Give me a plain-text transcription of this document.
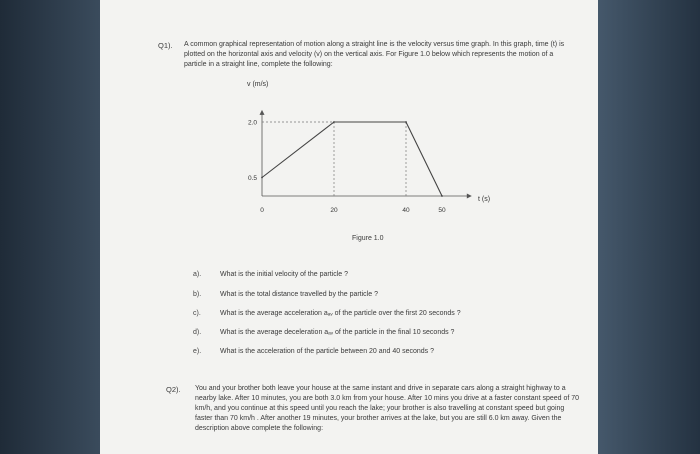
Q1). A common graphical representation of motion along a straight line is the velocity versus time graph. In this graph, time (t) is plotted on the horizontal axis and velocity (v) on the vertical axis. For Figure 1.0 below which represents the motion of a particle in a straight line, complete the following:
v (m/s)
t (s)
0.5
2.0
0	20	40	50
Figure 1.0
a).	What is the initial velocity of the particle ?
b).	What is the total distance travelled by the particle ?
c).	What is the average acceleration aₐᵥ of the particle over the first 20 seconds ?
d).	What is the average deceleration aₐᵥ of the particle in the final 10 seconds ?
e).	What is the acceleration of the particle between 20 and 40 seconds ?
Q2). You and your brother both leave your house at the same instant and drive in separate cars along a straight highway to a nearby lake. After 10 minutes, you are both 3.0 km from your house. After 10 mins you drive at a faster constant speed of 70 km/h, and you continue at this speed until you reach the lake; your brother is also travelling at constant speed but going faster than 70 km/h . After another 19 minutes, your brother arrives at the lake, but you are still 6.0 km away. Given the description above complete the following:
